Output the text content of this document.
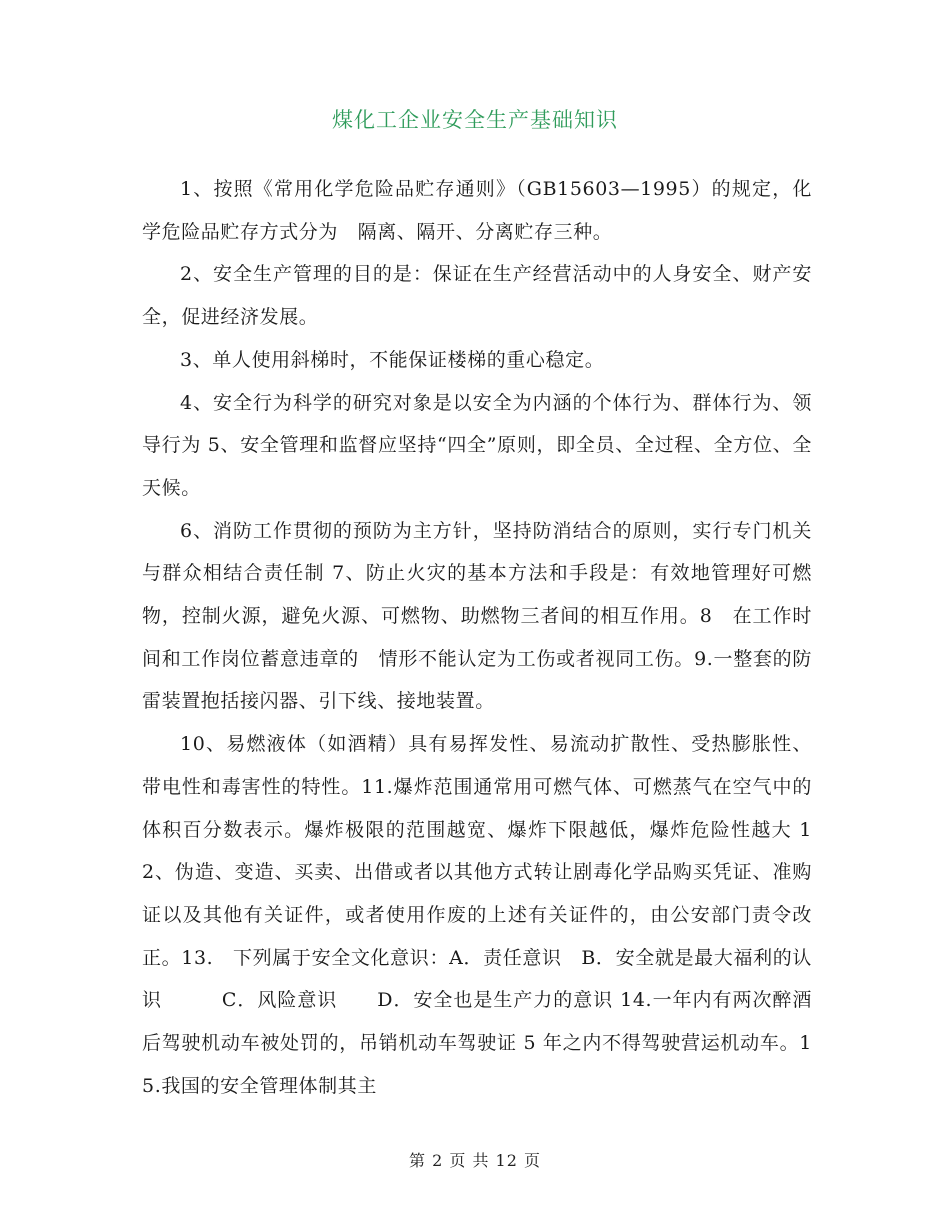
煤化工企业安全生产基础知识

1、按照《常用化学危险品贮存通则》（GB15603—1995）的规定，化学危险品贮存方式分为　隔离、隔开、分离贮存三种。

2、安全生产管理的目的是：保证在生产经营活动中的人身安全、财产安全，促进经济发展。

3、单人使用斜梯时，不能保证楼梯的重心稳定。

4、安全行为科学的研究对象是以安全为内涵的个体行为、群体行为、领导行为 5、安全管理和监督应坚持“四全”原则，即全员、全过程、全方位、全天候。

6、消防工作贯彻的预防为主方针，坚持防消结合的原则，实行专门机关与群众相结合责任制 7、防止火灾的基本方法和手段是：有效地管理好可燃物，控制火源，避免火源、可燃物、助燃物三者间的相互作用。8　在工作时间和工作岗位蓄意违章的　情形不能认定为工伤或者视同工伤。9.一整套的防雷装置抱括接闪器、引下线、接地装置。

10、易燃液体（如酒精）具有易挥发性、易流动扩散性、受热膨胀性、带电性和毒害性的特性。11.爆炸范围通常用可燃气体、可燃蒸气在空气中的体积百分数表示。爆炸极限的范围越宽、爆炸下限越低，爆炸危险性越大 12、伪造、变造、买卖、出借或者以其他方式转让剧毒化学品购买凭证、准购证以及其他有关证件，或者使用作废的上述有关证件的，由公安部门责令改正。13.　下列属于安全文化意识：A．责任意识　B．安全就是最大福利的认识　　　C．风险意识　　D．安全也是生产力的意识 14.一年内有两次醉酒后驾驶机动车被处罚的，吊销机动车驾驶证 5 年之内不得驾驶营运机动车。15.我国的安全管理体制其主

第 2 页 共 12 页
